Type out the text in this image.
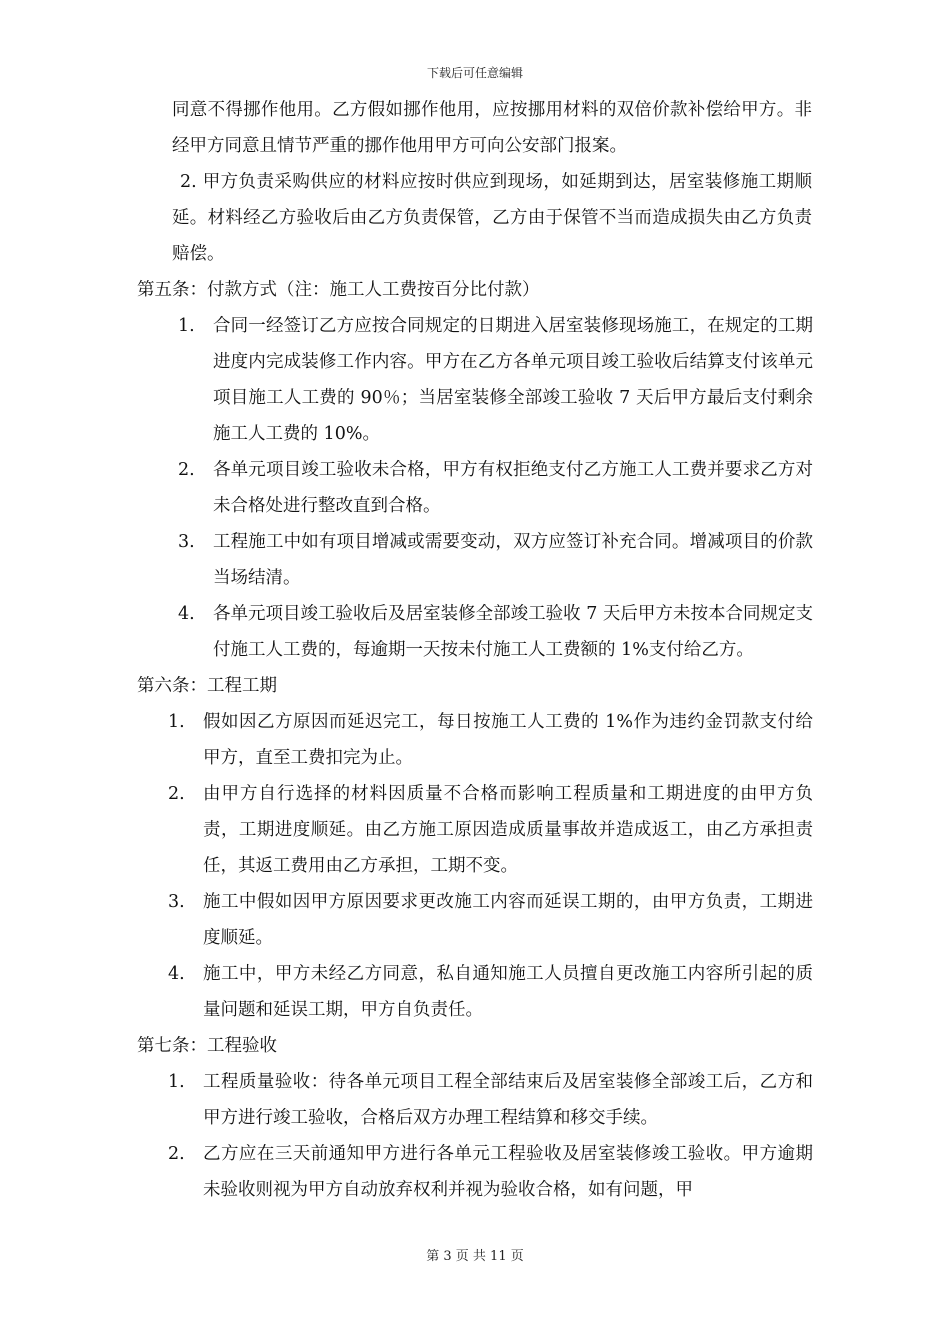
下载后可任意编辑
同意不得挪作他用。乙方假如挪作他用，应按挪用材料的双倍价款补偿给甲方。非经甲方同意且情节严重的挪作他用甲方可向公安部门报案。
2. 甲方负责采购供应的材料应按时供应到现场，如延期到达，居室装修施工期顺延。材料经乙方验收后由乙方负责保管，乙方由于保管不当而造成损失由乙方负责赔偿。
第五条：付款方式（注：施工人工费按百分比付款）
1. 合同一经签订乙方应按合同规定的日期进入居室装修现场施工，在规定的工期进度内完成装修工作内容。甲方在乙方各单元项目竣工验收后结算支付该单元项目施工人工费的 90％；当居室装修全部竣工验收 7 天后甲方最后支付剩余施工人工费的 10%。
2. 各单元项目竣工验收未合格，甲方有权拒绝支付乙方施工人工费并要求乙方对未合格处进行整改直到合格。
3. 工程施工中如有项目增减或需要变动，双方应签订补充合同。增减项目的价款当场结清。
4. 各单元项目竣工验收后及居室装修全部竣工验收 7 天后甲方未按本合同规定支付施工人工费的，每逾期一天按未付施工人工费额的 1%支付给乙方。
第六条：工程工期
1. 假如因乙方原因而延迟完工，每日按施工人工费的 1%作为违约金罚款支付给甲方，直至工费扣完为止。
2. 由甲方自行选择的材料因质量不合格而影响工程质量和工期进度的由甲方负责，工期进度顺延。由乙方施工原因造成质量事故并造成返工，由乙方承担责任，其返工费用由乙方承担，工期不变。
3. 施工中假如因甲方原因要求更改施工内容而延误工期的，由甲方负责，工期进度顺延。
4. 施工中，甲方未经乙方同意，私自通知施工人员擅自更改施工内容所引起的质量问题和延误工期，甲方自负责任。
第七条：工程验收
1. 工程质量验收：待各单元项目工程全部结束后及居室装修全部竣工后，乙方和甲方进行竣工验收，合格后双方办理工程结算和移交手续。
2. 乙方应在三天前通知甲方进行各单元工程验收及居室装修竣工验收。甲方逾期未验收则视为甲方自动放弃权利并视为验收合格，如有问题，甲
第 3 页 共 11 页
